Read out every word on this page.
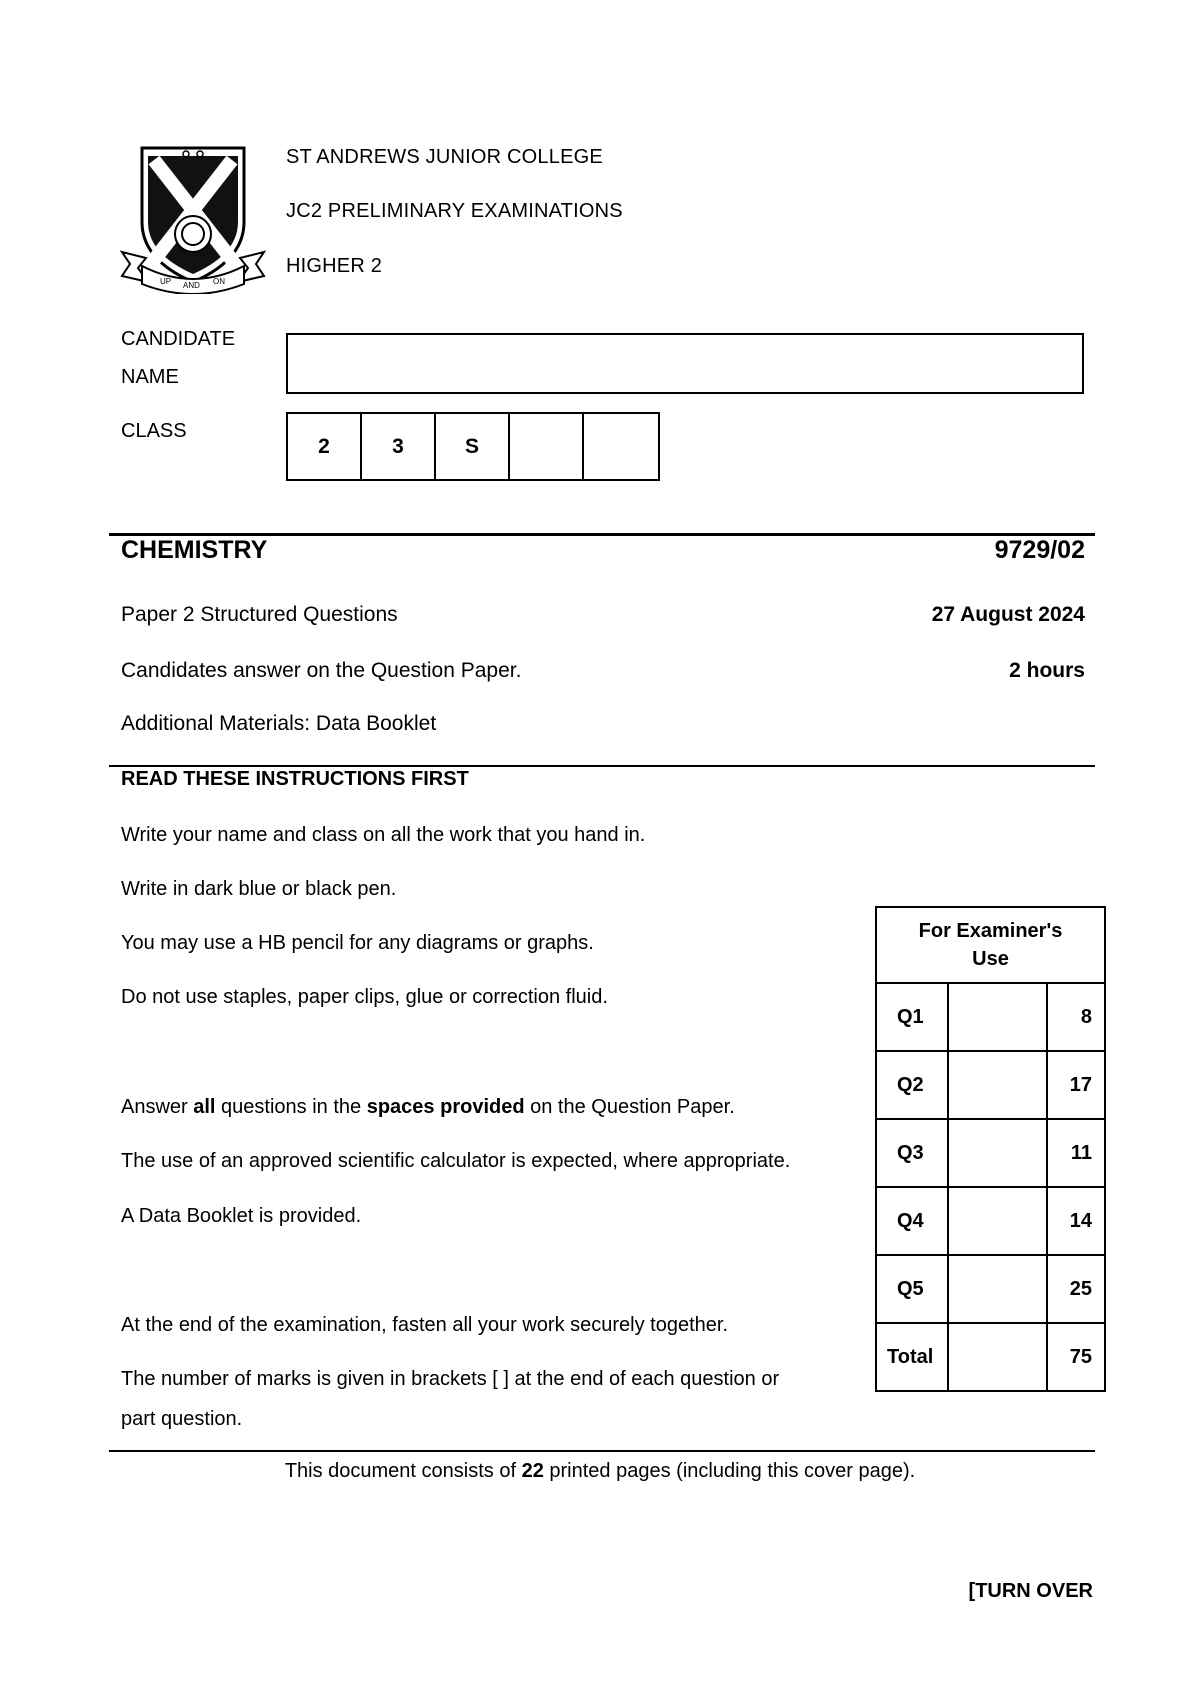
UP AND ON
ST ANDREWS JUNIOR COLLEGE
JC2 PRELIMINARY EXAMINATIONS
HIGHER 2
CANDIDATE
NAME
CLASS
2	3	S
CHEMISTRY	9729/02
Paper 2 Structured Questions	27 August 2024
Candidates answer on the Question Paper.	2 hours
Additional Materials: Data Booklet
READ THESE INSTRUCTIONS FIRST
Write your name and class on all the work that you hand in.
Write in dark blue or black pen.
You may use a HB pencil for any diagrams or graphs.
Do not use staples, paper clips, glue or correction fluid.
Answer all questions in the spaces provided on the Question Paper.
The use of an approved scientific calculator is expected, where appropriate.
A Data Booklet is provided.
At the end of the examination, fasten all your work securely together.
The number of marks is given in brackets [ ] at the end of each question or
part question.
For Examiner's
Use		

Q1		8
Q2		17
Q3		11
Q4		14
Q5		25
Total		75
This document consists of 22 printed pages (including this cover page).
[TURN OVER
